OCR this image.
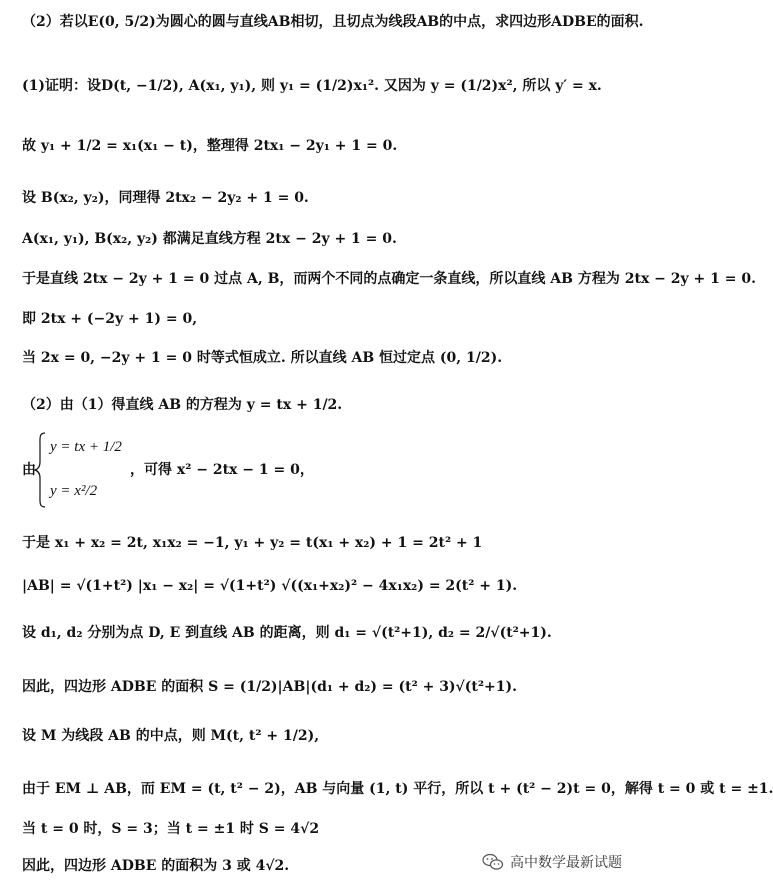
（2）若以E(0, 5/2)为圆心的圆与直线AB相切，且切点为线段AB的中点，求四边形ADBE的面积.
(1)证明：设D(t, −1/2), A(x₁, y₁), 则 y₁ = (1/2)x₁². 又因为 y = (1/2)x², 所以 y′ = x.
故 y₁ + 1/2 = x₁(x₁ − t)，整理得 2tx₁ − 2y₁ + 1 = 0.
设 B(x₂, y₂)，同理得 2tx₂ − 2y₂ + 1 = 0.
A(x₁, y₁), B(x₂, y₂) 都满足直线方程 2tx − 2y + 1 = 0.
于是直线 2tx − 2y + 1 = 0 过点 A, B，而两个不同的点确定一条直线，所以直线 AB 方程为 2tx − 2y + 1 = 0.
即 2tx + (−2y + 1) = 0,
当 2x = 0, −2y + 1 = 0 时等式恒成立. 所以直线 AB 恒过定点 (0, 1/2).
（2）由（1）得直线 AB 的方程为 y = tx + 1/2.
由
y = tx + 1/2
y = x²/2
，可得 x² − 2tx − 1 = 0，
于是 x₁ + x₂ = 2t, x₁x₂ = −1, y₁ + y₂ = t(x₁ + x₂) + 1 = 2t² + 1
|AB| = √(1+t²) |x₁ − x₂| = √(1+t²) √((x₁+x₂)² − 4x₁x₂) = 2(t² + 1).
设 d₁, d₂ 分别为点 D, E 到直线 AB 的距离，则 d₁ = √(t²+1), d₂ = 2/√(t²+1).
因此，四边形 ADBE 的面积 S = (1/2)|AB|(d₁ + d₂) = (t² + 3)√(t²+1).
设 M 为线段 AB 的中点，则 M(t, t² + 1/2),
由于 EM ⊥ AB，而 EM = (t, t² − 2)，AB 与向量 (1, t) 平行，所以 t + (t² − 2)t = 0，解得 t = 0 或 t = ±1.
当 t = 0 时，S = 3；当 t = ±1 时 S = 4√2
因此，四边形 ADBE 的面积为 3 或 4√2.	高中数学最新试题
